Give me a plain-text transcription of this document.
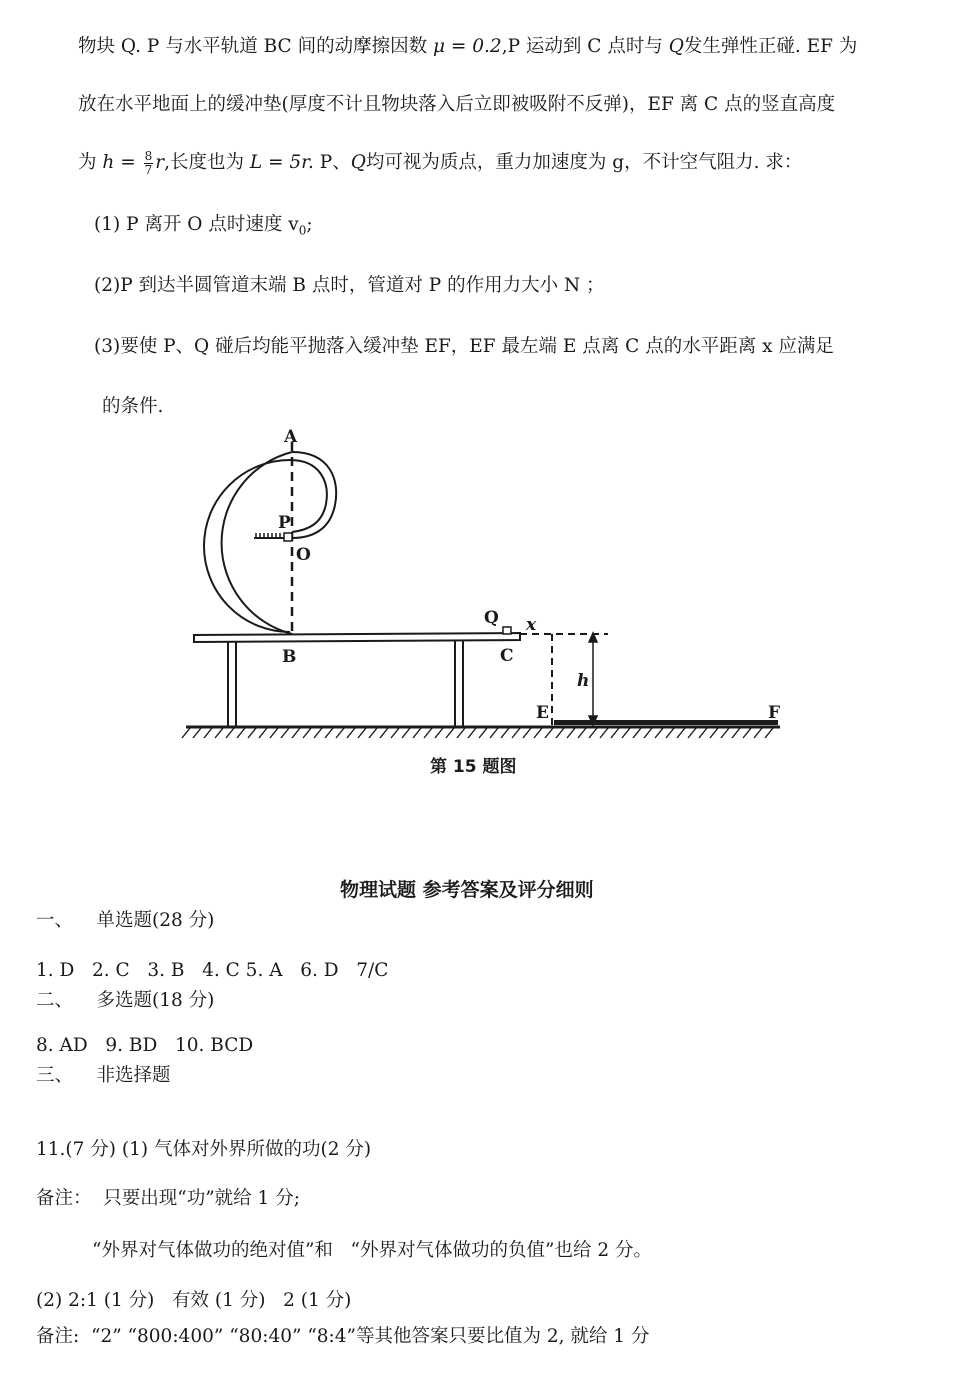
物块 Q. P 与水平轨道 BC 间的动摩擦因数 μ = 0.2,P 运动到 C 点时与 Q发生弹性正碰. EF 为
放在水平地面上的缓冲垫(厚度不计且物块落入后立即被吸附不反弹)，EF 离 C 点的竖直高度
为 $h = \frac{8}{7} r$,长度也为 L = 5r. P、Q均可视为质点，重力加速度为 g，不计空气阻力. 求：
(1) P 离开 O 点时速度 $v_0$;
(2)P 到达半圆管道末端 B 点时，管道对 P 的作用力大小 N ；
(3)要使 P、Q 碰后均能平抛落入缓冲垫 EF，EF 最左端 E 点离 C 点的水平距离 x 应满足
的条件.
A
P
O
B
Q
C
E	F
x
h
第 15 题图
物理试题 参考答案及评分细则
一、    单选题(28 分)
1. D   2. C   3. B   4. C 5. A   6. D   7/C
二、    多选题(18 分)
8. AD   9. BD   10. BCD
三、    非选择题
11.(7 分) (1) 气体对外界所做的功(2 分)
备注：  只要出现“功”就给 1 分;
“外界对气体做功的绝对值”和   “外界对气体做功的负值”也给 2 分。
(2) 2:1 (1 分)   有效 (1 分)   2 (1 分)
备注:  “2” “800:400” “80:40” “8:4”等其他答案只要比值为 2, 就给 1 分
